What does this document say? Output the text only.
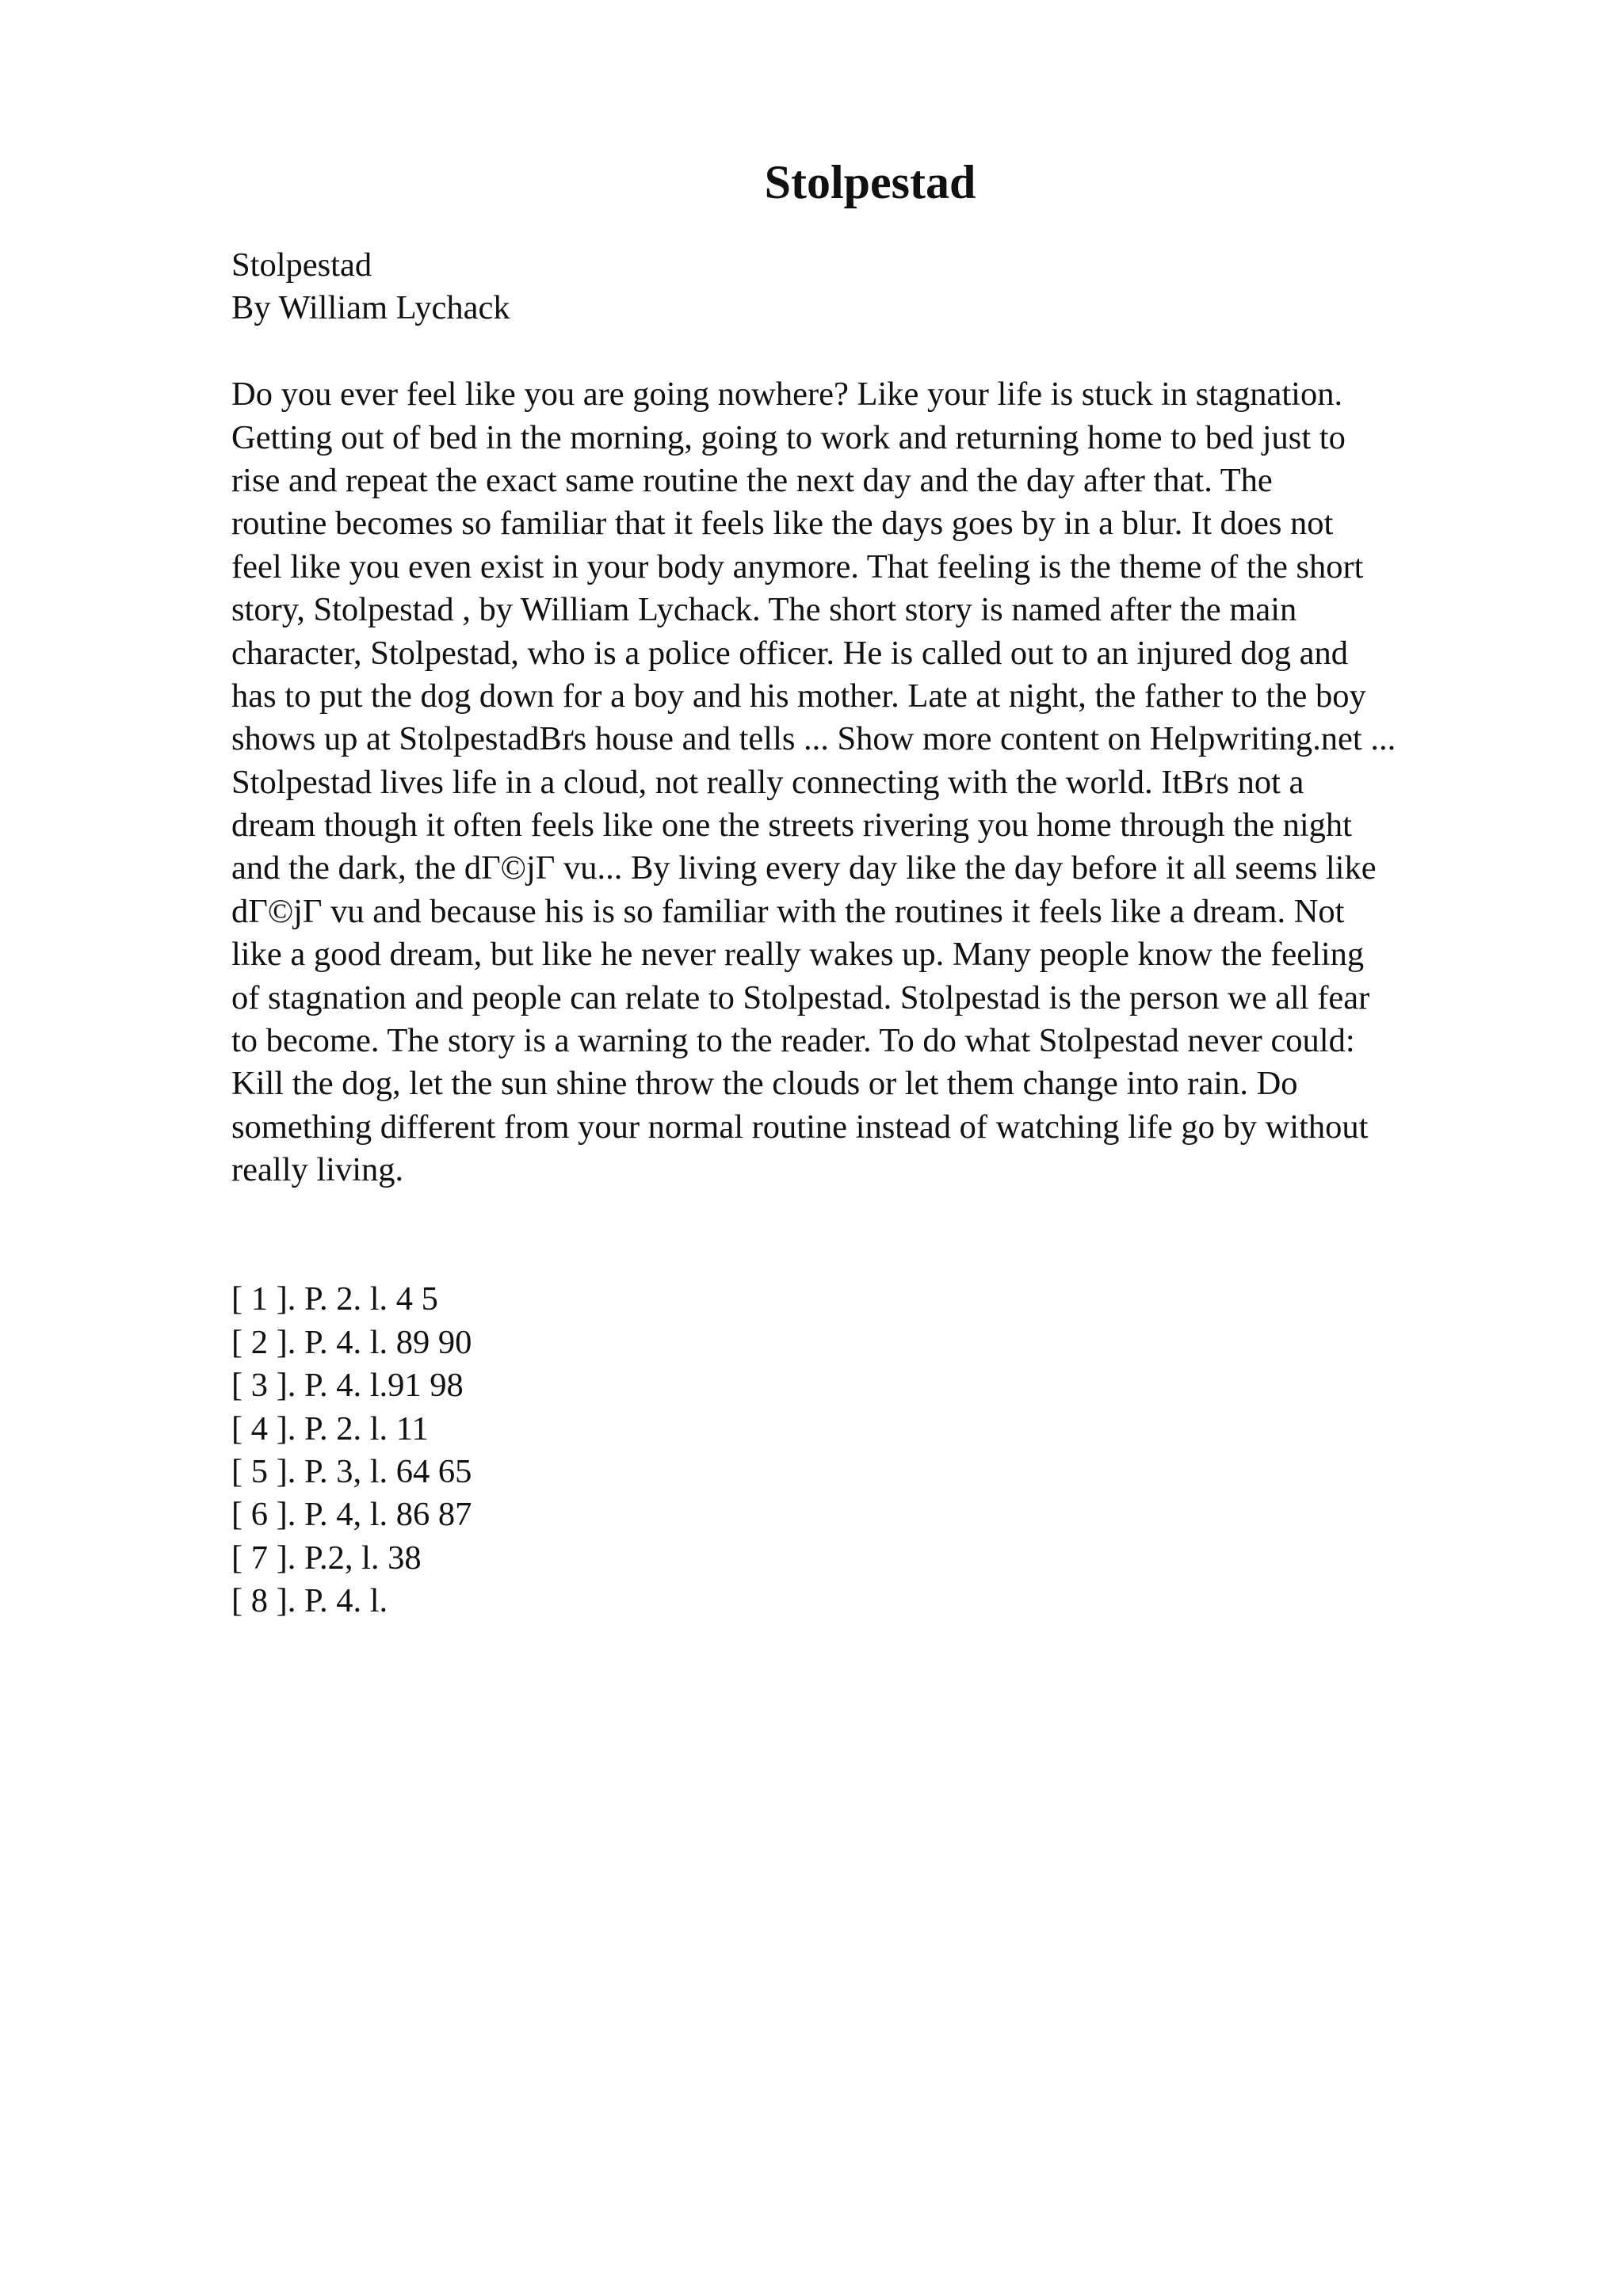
Stolpestad
Stolpestad
By William Lychack
Do you ever feel like you are going nowhere? Like your life is stuck in stagnation.
Getting out of bed in the morning, going to work and returning home to bed just to
rise and repeat the exact same routine the next day and the day after that. The
routine becomes so familiar that it feels like the days goes by in a blur. It does not
feel like you even exist in your body anymore. That feeling is the theme of the short
story, Stolpestad , by William Lychack. The short story is named after the main
character, Stolpestad, who is a police officer. He is called out to an injured dog and
has to put the dog down for a boy and his mother. Late at night, the father to the boy
shows up at StolpestadBґs house and tells ... Show more content on Helpwriting.net ...
Stolpestad lives life in a cloud, not really connecting with the world. ItBґs not a
dream though it often feels like one the streets rivering you home through the night
and the dark, the dГ©jГ vu... By living every day like the day before it all seems like
dГ©jГ vu and because his is so familiar with the routines it feels like a dream. Not
like a good dream, but like he never really wakes up. Many people know the feeling
of stagnation and people can relate to Stolpestad. Stolpestad is the person we all fear
to become. The story is a warning to the reader. To do what Stolpestad never could:
Kill the dog, let the sun shine throw the clouds or let them change into rain. Do
something different from your normal routine instead of watching life go by without
really living.
[ 1 ]. P. 2. l. 4 5
[ 2 ]. P. 4. l. 89 90
[ 3 ]. P. 4. l.91 98
[ 4 ]. P. 2. l. 11
[ 5 ]. P. 3, l. 64 65
[ 6 ]. P. 4, l. 86 87
[ 7 ]. P.2, l. 38
[ 8 ]. P. 4. l.
